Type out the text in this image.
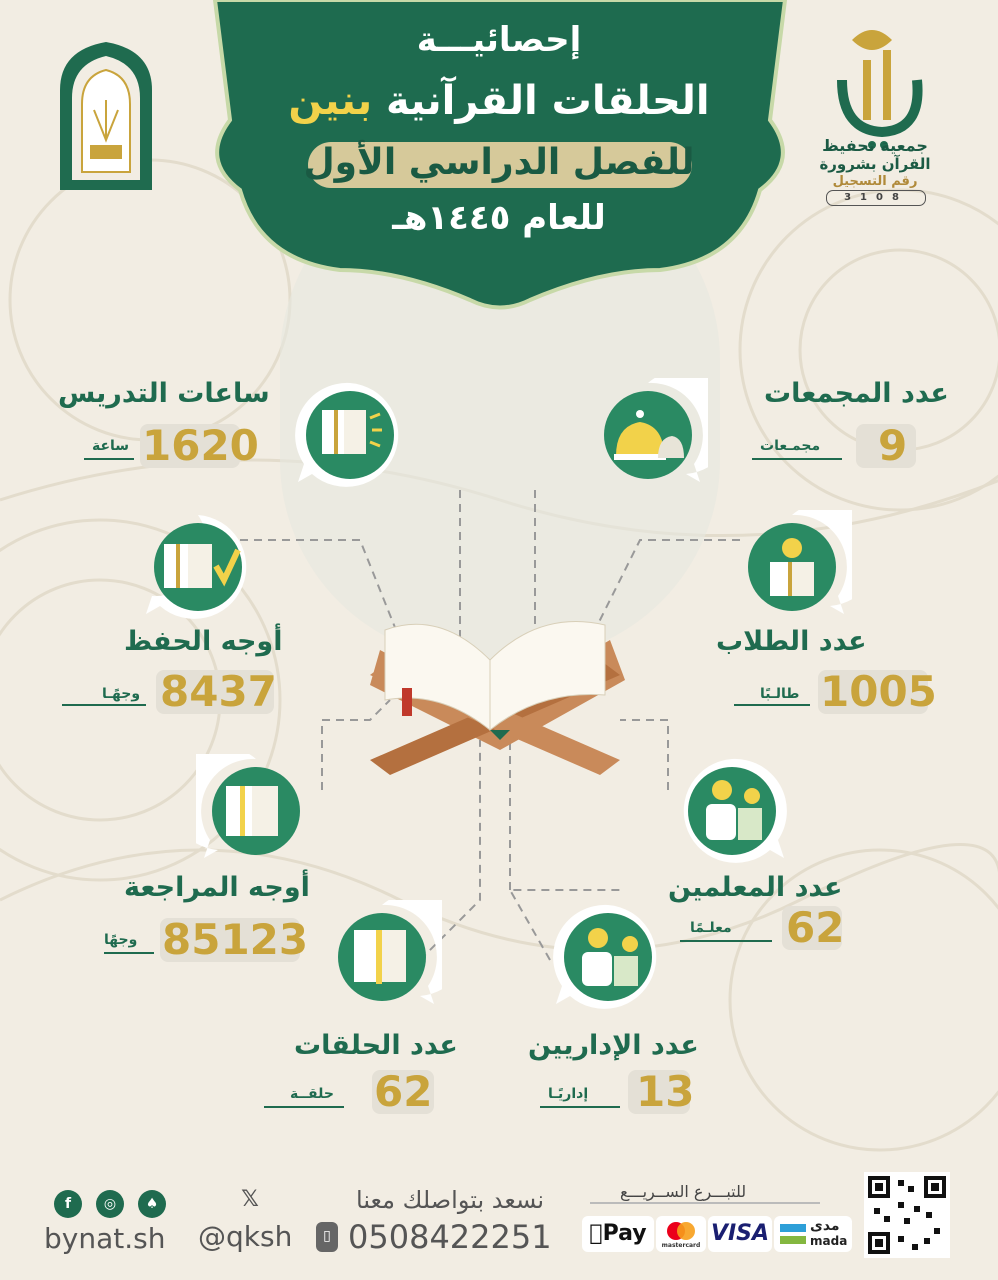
إحصائيـــة
الحلقات القرآنية بنين
للفصل الدراسي الأول
للعام ١٤٤٥هـ
جمعية تحفيظ
القرآن بشرورة
رقم التسجيل
3108
ساعات التدريس
1620
ساعة
عدد المجمعات
9
مجمـعات
أوجه الحفظ
8437
وجهًـا
عدد الطلاب
1005
طالـبًا
أوجه المراجعة
85123
وجهًا
عدد المعلمين
62
معلـمًا
عدد الحلقات
62
حلقــة
عدد الإداريين
13
إداريًـا
f	◎	♠
bynat.sh
𝕏
@qksh
نسعد بتواصلك معنا
▯ 0508422251
للتبـــرع الســريـــع
Pay	mastercard VISA	مدى
mada
